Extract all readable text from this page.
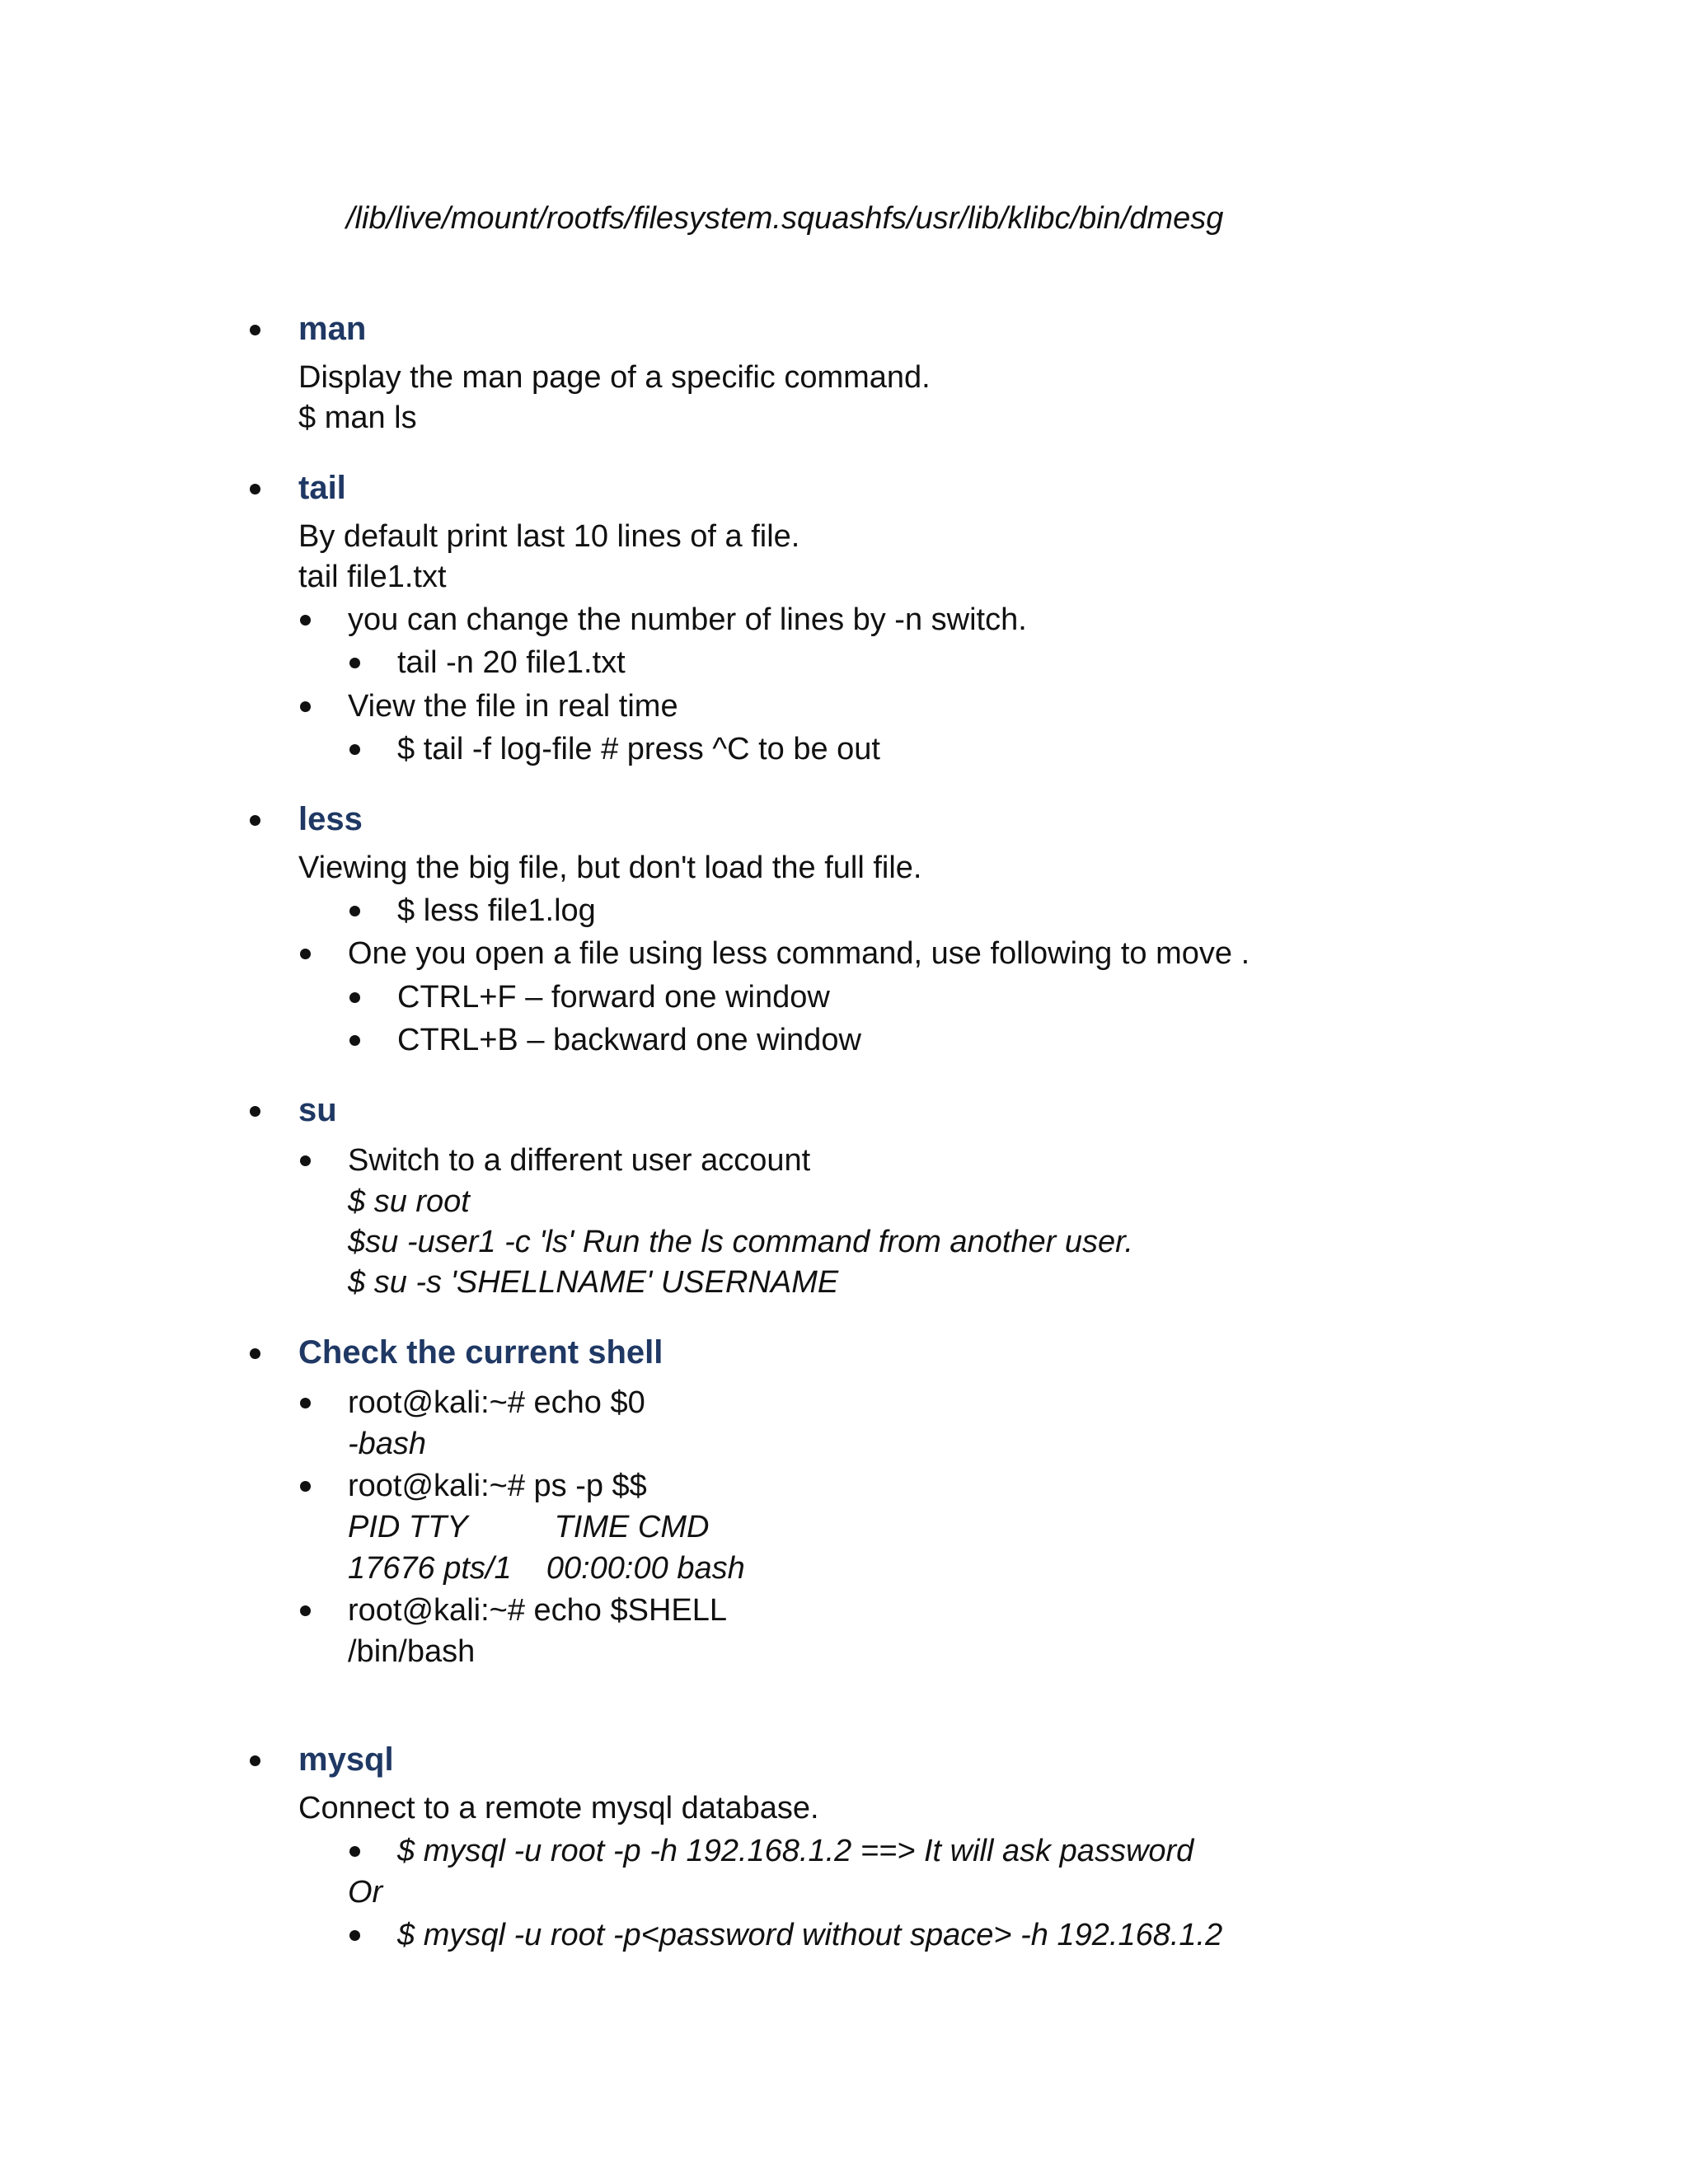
/lib/live/mount/rootfs/filesystem.squashfs/usr/lib/klibc/bin/dmesg
man
Display the man page of a specific command.
$ man ls
tail
By default print last 10 lines of a file.
tail file1.txt
you can change the number of lines by -n switch.
tail -n 20 file1.txt
View the file in real time
$ tail -f log-file # press ^C to be out
less
Viewing the big file, but don't load the full file.
$ less file1.log
One you open a file using less command, use following to move .
CTRL+F – forward one window
CTRL+B – backward one window
su
Switch to a different user account
$ su root
$su -user1 -c 'ls' Run the ls command from another user.
$ su -s 'SHELLNAME' USERNAME
Check the current shell
root@kali:~# echo $0
-bash
root@kali:~# ps -p $$
PID TTY          TIME CMD
17676 pts/1    00:00:00 bash
root@kali:~# echo $SHELL
/bin/bash
mysql
Connect to a remote mysql database.
$ mysql -u root -p -h 192.168.1.2 ==> It will ask password
Or
$ mysql -u root -p<password without space> -h 192.168.1.2
